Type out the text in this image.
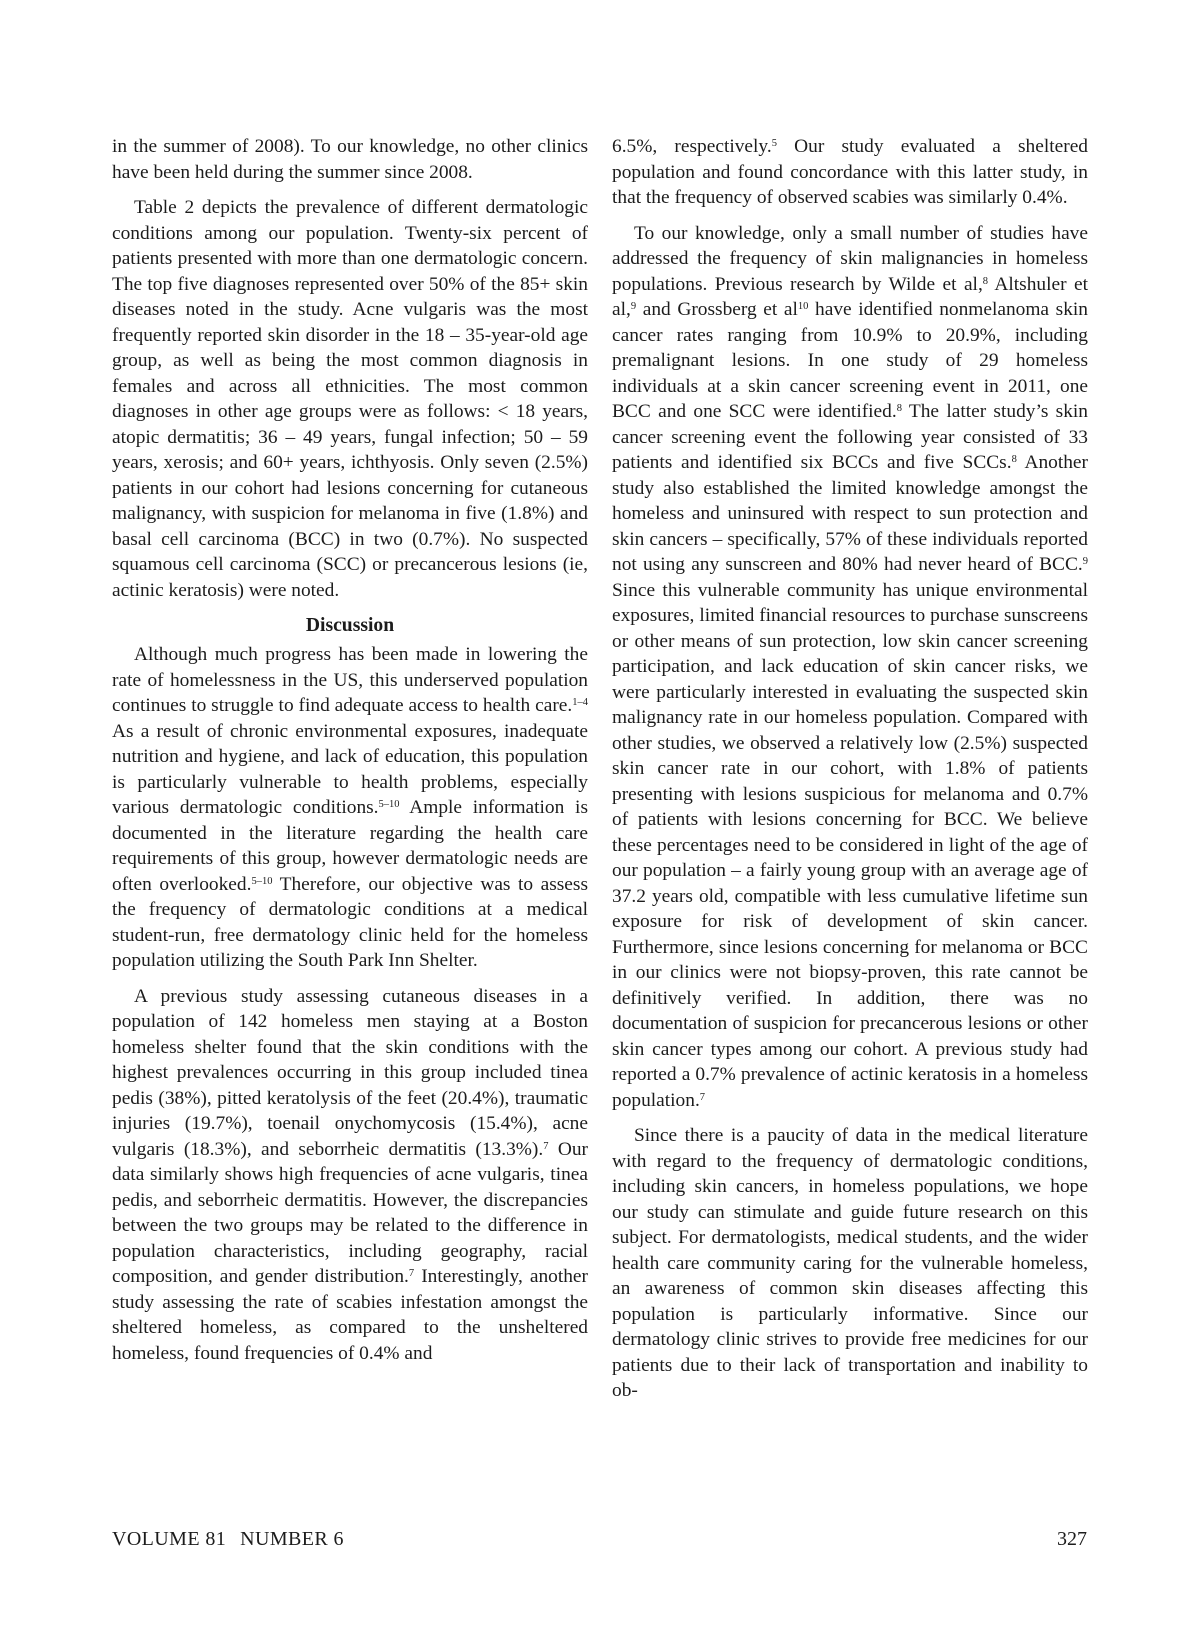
in the summer of 2008). To our knowledge, no other clinics have been held during the summer since 2008.

Table 2 depicts the prevalence of different dermatologic conditions among our population. Twenty-six percent of patients presented with more than one dermatologic concern. The top five diagnoses represented over 50% of the 85+ skin diseases noted in the study. Acne vulgaris was the most frequently reported skin disorder in the 18 – 35-year-old age group, as well as being the most common diagnosis in females and across all ethnicities. The most common diagnoses in other age groups were as follows: < 18 years, atopic dermatitis; 36 – 49 years, fungal infection; 50 – 59 years, xerosis; and 60+ years, ichthyosis. Only seven (2.5%) patients in our cohort had lesions concerning for cutaneous malignancy, with suspicion for melanoma in five (1.8%) and basal cell carcinoma (BCC) in two (0.7%). No suspected squamous cell carcinoma (SCC) or precancerous lesions (ie, actinic keratosis) were noted.

Discussion

Although much progress has been made in lowering the rate of homelessness in the US, this underserved population continues to struggle to find adequate access to health care.$^{1-4}$ As a result of chronic environmental exposures, inadequate nutrition and hygiene, and lack of education, this population is particularly vulnerable to health problems, especially various dermatologic conditions.$^{5-10}$ Ample information is documented in the literature regarding the health care requirements of this group, however dermatologic needs are often overlooked.$^{5-10}$ Therefore, our objective was to assess the frequency of dermatologic conditions at a medical student-run, free dermatology clinic held for the homeless population utilizing the South Park Inn Shelter.

A previous study assessing cutaneous diseases in a population of 142 homeless men staying at a Boston homeless shelter found that the skin conditions with the highest prevalences occurring in this group included tinea pedis (38%), pitted keratolysis of the feet (20.4%), traumatic injuries (19.7%), toenail onychomycosis (15.4%), acne vulgaris (18.3%), and seborrheic dermatitis (13.3%).$^7$ Our data similarly shows high frequencies of acne vulgaris, tinea pedis, and seborrheic dermatitis. However, the discrepancies between the two groups may be related to the difference in population characteristics, including geography, racial composition, and gender distribution.$^7$ Interestingly, another study assessing the rate of scabies infestation amongst the sheltered homeless, as compared to the unsheltered homeless, found frequencies of 0.4% and

6.5%, respectively.$^5$ Our study evaluated a sheltered population and found concordance with this latter study, in that the frequency of observed scabies was similarly 0.4%.

To our knowledge, only a small number of studies have addressed the frequency of skin malignancies in homeless populations. Previous research by Wilde et al,$^8$ Altshuler et al,$^9$ and Grossberg et $al^{10}$ have identified nonmelanoma skin cancer rates ranging from 10.9% to 20.9%, including premalignant lesions. In one study of 29 homeless individuals at a skin cancer screening event in 2011, one BCC and one SCC were identified.$^8$ The latter study’s skin cancer screening event the following year consisted of 33 patients and identified six BCCs and five SCCs.$^8$ Another study also established the limited knowledge amongst the homeless and uninsured with respect to sun protection and skin cancers – specifically, 57% of these individuals reported not using any sunscreen and 80% had never heard of BCC.$^9$ Since this vulnerable community has unique environmental exposures, limited financial resources to purchase sunscreens or other means of sun protection, low skin cancer screening participation, and lack education of skin cancer risks, we were particularly interested in evaluating the suspected skin malignancy rate in our homeless population. Compared with other studies, we observed a relatively low (2.5%) suspected skin cancer rate in our cohort, with 1.8% of patients presenting with lesions suspicious for melanoma and 0.7% of patients with lesions concerning for BCC. We believe these percentages need to be considered in light of the age of our population – a fairly young group with an average age of 37.2 years old, compatible with less cumulative lifetime sun exposure for risk of development of skin cancer. Furthermore, since lesions concerning for melanoma or BCC in our clinics were not biopsy-proven, this rate cannot be definitively verified. In addition, there was no documentation of suspicion for precancerous lesions or other skin cancer types among our cohort. A previous study had reported a 0.7% prevalence of actinic keratosis in a homeless population.$^7$

Since there is a paucity of data in the medical literature with regard to the frequency of dermatologic conditions, including skin cancers, in homeless populations, we hope our study can stimulate and guide future research on this subject. For dermatologists, medical students, and the wider health care community caring for the vulnerable homeless, an awareness of common skin diseases affecting this population is particularly informative. Since our dermatology clinic strives to provide free medicines for our patients due to their lack of transportation and inability to ob-

VOLUME 81 NUMBER 6	327
